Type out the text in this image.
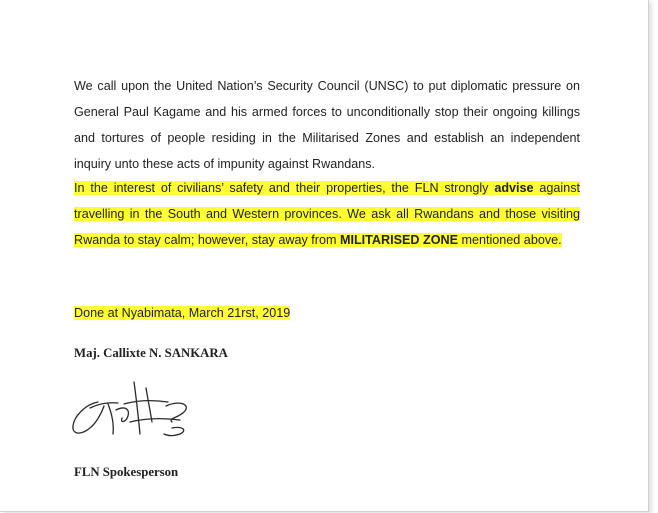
We call upon the United Nation’s Security Council (UNSC) to put diplomatic pressure on General Paul Kagame and his armed forces to unconditionally stop their ongoing killings and tortures of people residing in the Militarised Zones and establish an independent inquiry unto these acts of impunity against Rwandans.

In the interest of civilians’ safety and their properties, the FLN strongly advise against travelling in the South and Western provinces. We ask all Rwandans and those visiting Rwanda to stay calm; however, stay away from MILITARISED ZONE mentioned above.

Done at Nyabimata, March 21rst, 2019

Maj. Callixte N. SANKARA

FLN Spokesperson
